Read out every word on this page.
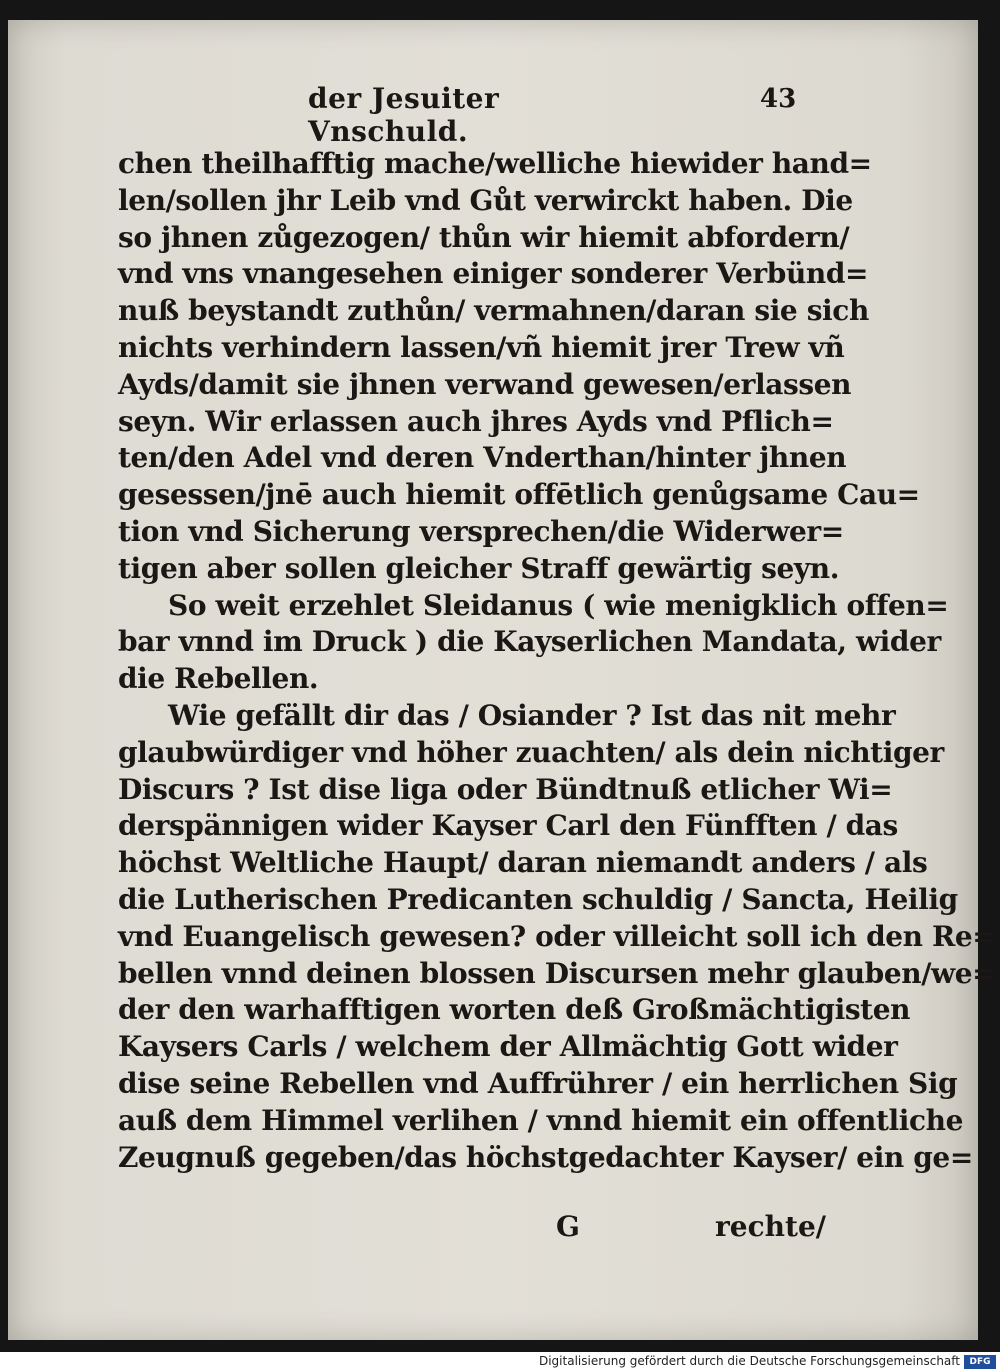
der Jesuiter Vnschuld.
43
chen theilhafftig mache/welliche hiewider hand=
len/sollen jhr Leib vnd Gůt verwirckt haben. Die
so jhnen zůgezogen/ thůn wir hiemit abfordern/
vnd vns vnangesehen einiger sonderer Verbünd=
nuß beystandt zuthůn/ vermahnen/daran sie sich
nichts verhindern lassen/vñ hiemit jrer Trew vñ
Ayds/damit sie jhnen verwand gewesen/erlassen
seyn. Wir erlassen auch jhres Ayds vnd Pflich=
ten/den Adel vnd deren Vnderthan/hinter jhnen
gesessen/jnē auch hiemit offētlich genůgsame Cau=
tion vnd Sicherung versprechen/die Widerwer=
tigen aber sollen gleicher Straff gewärtig seyn.
So weit erzehlet Sleidanus ( wie menigklich offen=
bar vnnd im Druck ) die Kayserlichen Mandata, wider
die Rebellen.
Wie gefällt dir das / Osiander ? Ist das nit mehr
glaubwürdiger vnd höher zuachten/ als dein nichtiger
Discurs ? Ist dise liga oder Bündtnuß etlicher Wi=
derspännigen wider Kayser Carl den Fünfften / das
höchst Weltliche Haupt/ daran niemandt anders / als
die Lutherischen Predicanten schuldig / Sancta, Heilig
vnd Euangelisch gewesen? oder villeicht soll ich den Re=
bellen vnnd deinen blossen Discursen mehr glauben/we=
der den warhafftigen worten deß Großmächtigisten
Kaysers Carls / welchem der Allmächtig Gott wider
dise seine Rebellen vnd Auffrührer / ein herrlichen Sig
auß dem Himmel verlihen / vnnd hiemit ein offentliche
Zeugnuß gegeben/das höchstgedachter Kayser/ ein ge=
G	rechte/
Digitalisierung gefördert durch die Deutsche Forschungsgemeinschaft	DFG
